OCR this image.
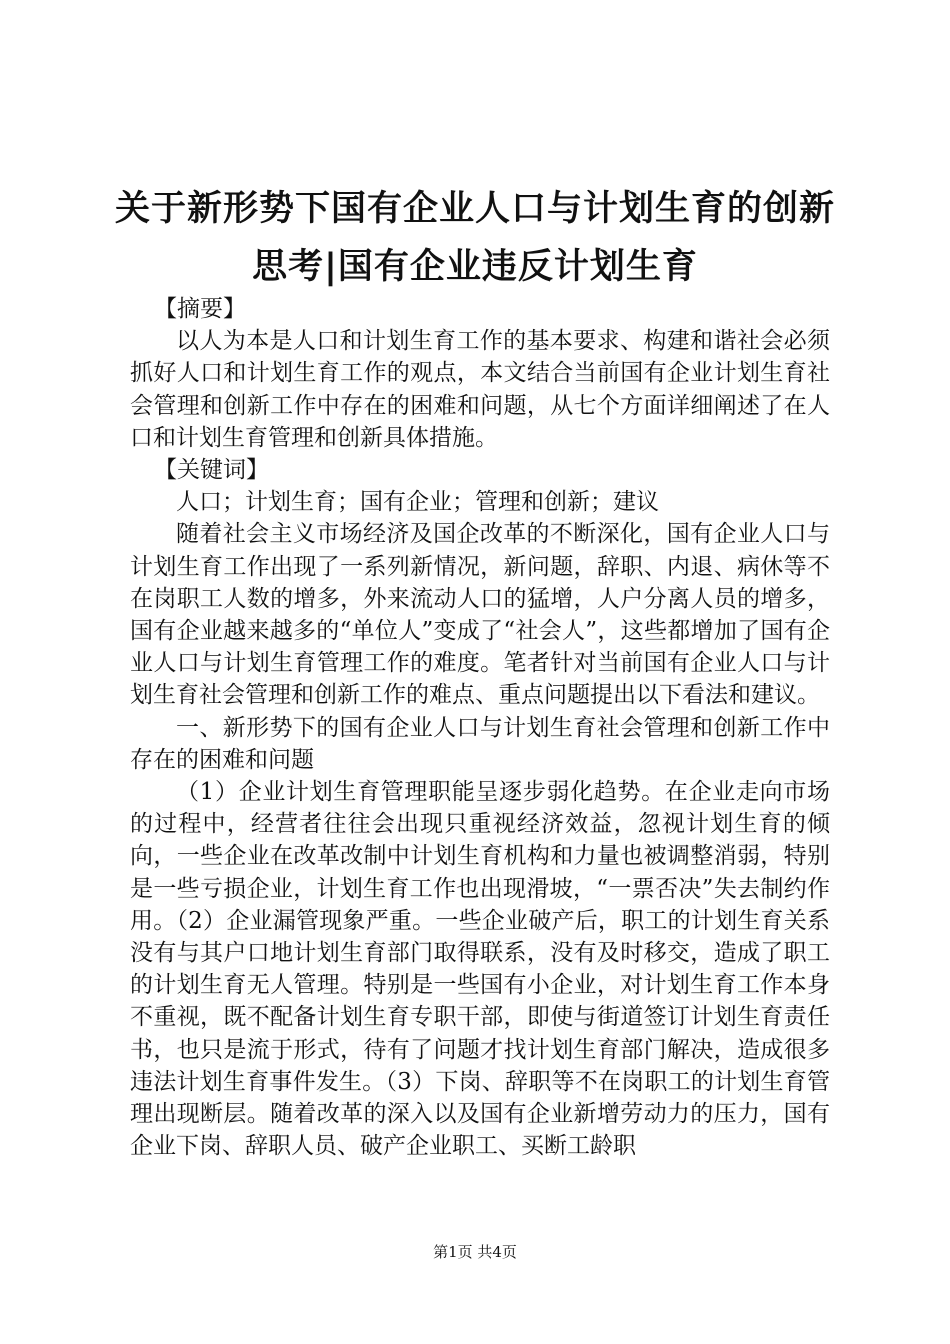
关于新形势下国有企业人口与计划生育的创新思考|国有企业违反计划生育

【摘要】

以人为本是人口和计划生育工作的基本要求、构建和谐社会必须抓好人口和计划生育工作的观点，本文结合当前国有企业计划生育社会管理和创新工作中存在的困难和问题，从七个方面详细阐述了在人口和计划生育管理和创新具体措施。

【关键词】

人口；计划生育；国有企业；管理和创新；建议

随着社会主义市场经济及国企改革的不断深化，国有企业人口与计划生育工作出现了一系列新情况，新问题，辞职、内退、病休等不在岗职工人数的增多，外来流动人口的猛增，人户分离人员的增多，国有企业越来越多的“单位人”变成了“社会人”，这些都增加了国有企业人口与计划生育管理工作的难度。笔者针对当前国有企业人口与计划生育社会管理和创新工作的难点、重点问题提出以下看法和建议。

一、新形势下的国有企业人口与计划生育社会管理和创新工作中存在的困难和问题

（1）企业计划生育管理职能呈逐步弱化趋势。在企业走向市场的过程中，经营者往往会出现只重视经济效益，忽视计划生育的倾向，一些企业在改革改制中计划生育机构和力量也被调整消弱，特别是一些亏损企业，计划生育工作也出现滑坡，“一票否决”失去制约作用。（2）企业漏管现象严重。一些企业破产后，职工的计划生育关系没有与其户口地计划生育部门取得联系，没有及时移交，造成了职工的计划生育无人管理。特别是一些国有小企业，对计划生育工作本身不重视，既不配备计划生育专职干部，即使与街道签订计划生育责任书，也只是流于形式，待有了问题才找计划生育部门解决，造成很多违法计划生育事件发生。（3）下岗、辞职等不在岗职工的计划生育管理出现断层。随着改革的深入以及国有企业新增劳动力的压力，国有企业下岗、辞职人员、破产企业职工、买断工龄职

第1页 共4页
